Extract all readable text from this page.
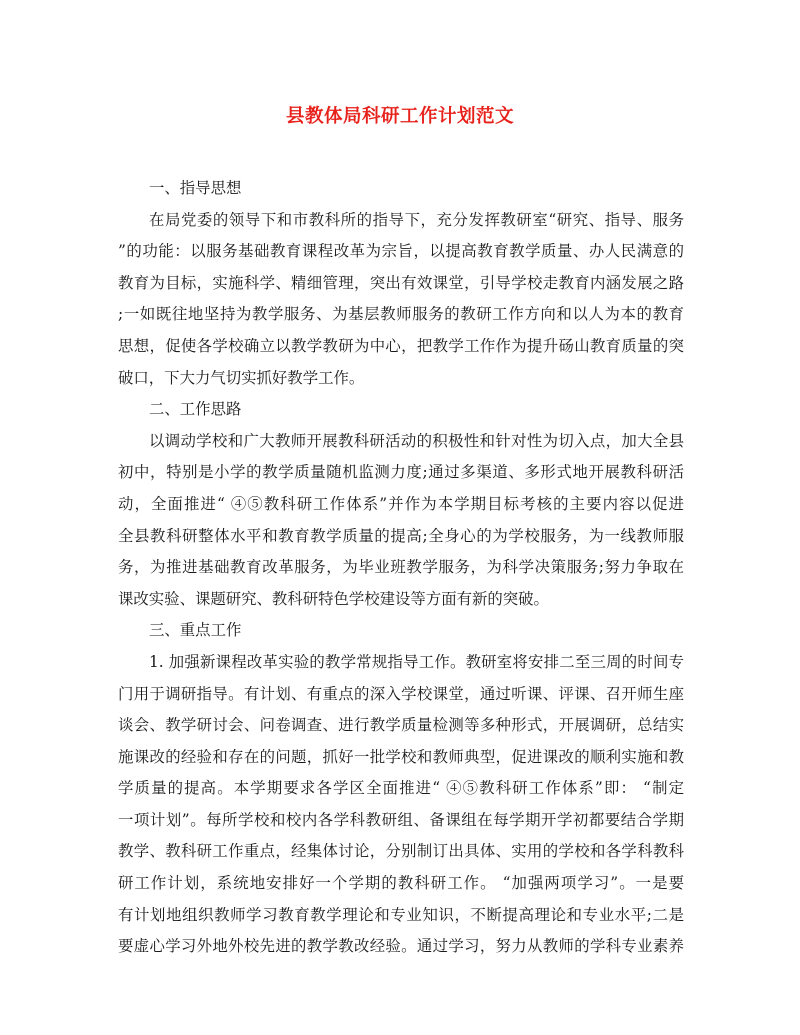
县教体局科研工作计划范文
一、指导思想
在局党委的领导下和市教科所的指导下，充分发挥教研室“研究、指导、服务
”的功能：以服务基础教育课程改革为宗旨，以提高教育教学质量、办人民满意的
教育为目标，实施科学、精细管理，突出有效课堂，引导学校走教育内涵发展之路
;一如既往地坚持为教学服务、为基层教师服务的教研工作方向和以人为本的教育
思想，促使各学校确立以教学教研为中心，把教学工作作为提升砀山教育质量的突
破口，下大力气切实抓好教学工作。
二、工作思路
以调动学校和广大教师开展教科研活动的积极性和针对性为切入点，加大全县
初中，特别是小学的教学质量随机监测力度;通过多渠道、多形式地开展教科研活
动，全面推进“ ④⑤教科研工作体系”并作为本学期目标考核的主要内容以促进
全县教科研整体水平和教育教学质量的提高;全身心的为学校服务，为一线教师服
务，为推进基础教育改革服务，为毕业班教学服务，为科学决策服务;努力争取在
课改实验、课题研究、教科研特色学校建设等方面有新的突破。
三、重点工作
1. 加强新课程改革实验的教学常规指导工作。教研室将安排二至三周的时间专
门用于调研指导。有计划、有重点的深入学校课堂，通过听课、评课、召开师生座
谈会、教学研讨会、问卷调查、进行教学质量检测等多种形式，开展调研，总结实
施课改的经验和存在的问题，抓好一批学校和教师典型，促进课改的顺利实施和教
学质量的提高。本学期要求各学区全面推进“ ④⑤教科研工作体系”即： “制定
一项计划”。每所学校和校内各学科教研组、备课组在每学期开学初都要结合学期
教学、教科研工作重点，经集体讨论，分别制订出具体、实用的学校和各学科教科
研工作计划，系统地安排好一个学期的教科研工作。 “加强两项学习”。一是要
有计划地组织教师学习教育教学理论和专业知识，不断提高理论和专业水平;二是
要虚心学习外地外校先进的教学教改经验。通过学习，努力从教师的学科专业素养
